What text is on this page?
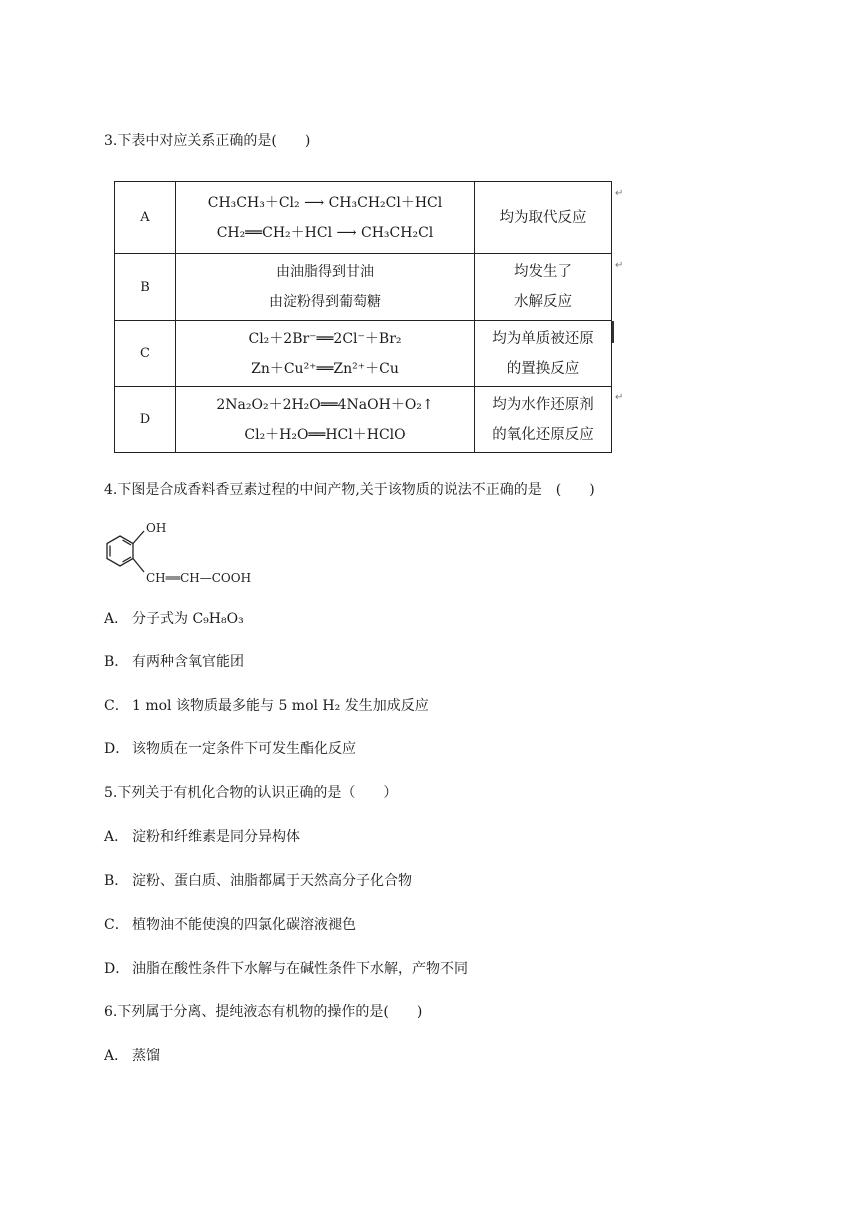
3.下表中对应关系正确的是(　　)
A	CH₃CH₃＋Cl₂ ⟶ CH₃CH₂Cl＋HCl
CH₂══CH₂＋HCl ⟶ CH₃CH₂Cl	均为取代反应

B	由油脂得到甘油
由淀粉得到葡萄糖	均发生了
水解反应

C	Cl₂＋2Br⁻══2Cl⁻＋Br₂
Zn＋Cu²⁺══Zn²⁺＋Cu	均为单质被还原
的置换反应

D	2Na₂O₂＋2H₂O══4NaOH＋O₂↑
Cl₂＋H₂O══HCl＋HClO	均为水作还原剂
的氧化还原反应
↵
↵
↵
4.下图是合成香料香豆素过程的中间产物,关于该物质的说法不正确的是　(　　)
OH
CH══CH—COOH
A． 分子式为 C₉H₈O₃
B． 有两种含氧官能团
C． 1 mol 该物质最多能与 5 mol H₂ 发生加成反应
D． 该物质在一定条件下可发生酯化反应
5.下列关于有机化合物的认识正确的是（　　）
A． 淀粉和纤维素是同分异构体
B． 淀粉、蛋白质、油脂都属于天然高分子化合物
C． 植物油不能使溴的四氯化碳溶液褪色
D． 油脂在酸性条件下水解与在碱性条件下水解，产物不同
6.下列属于分离、提纯液态有机物的操作的是(　　)
A． 蒸馏
